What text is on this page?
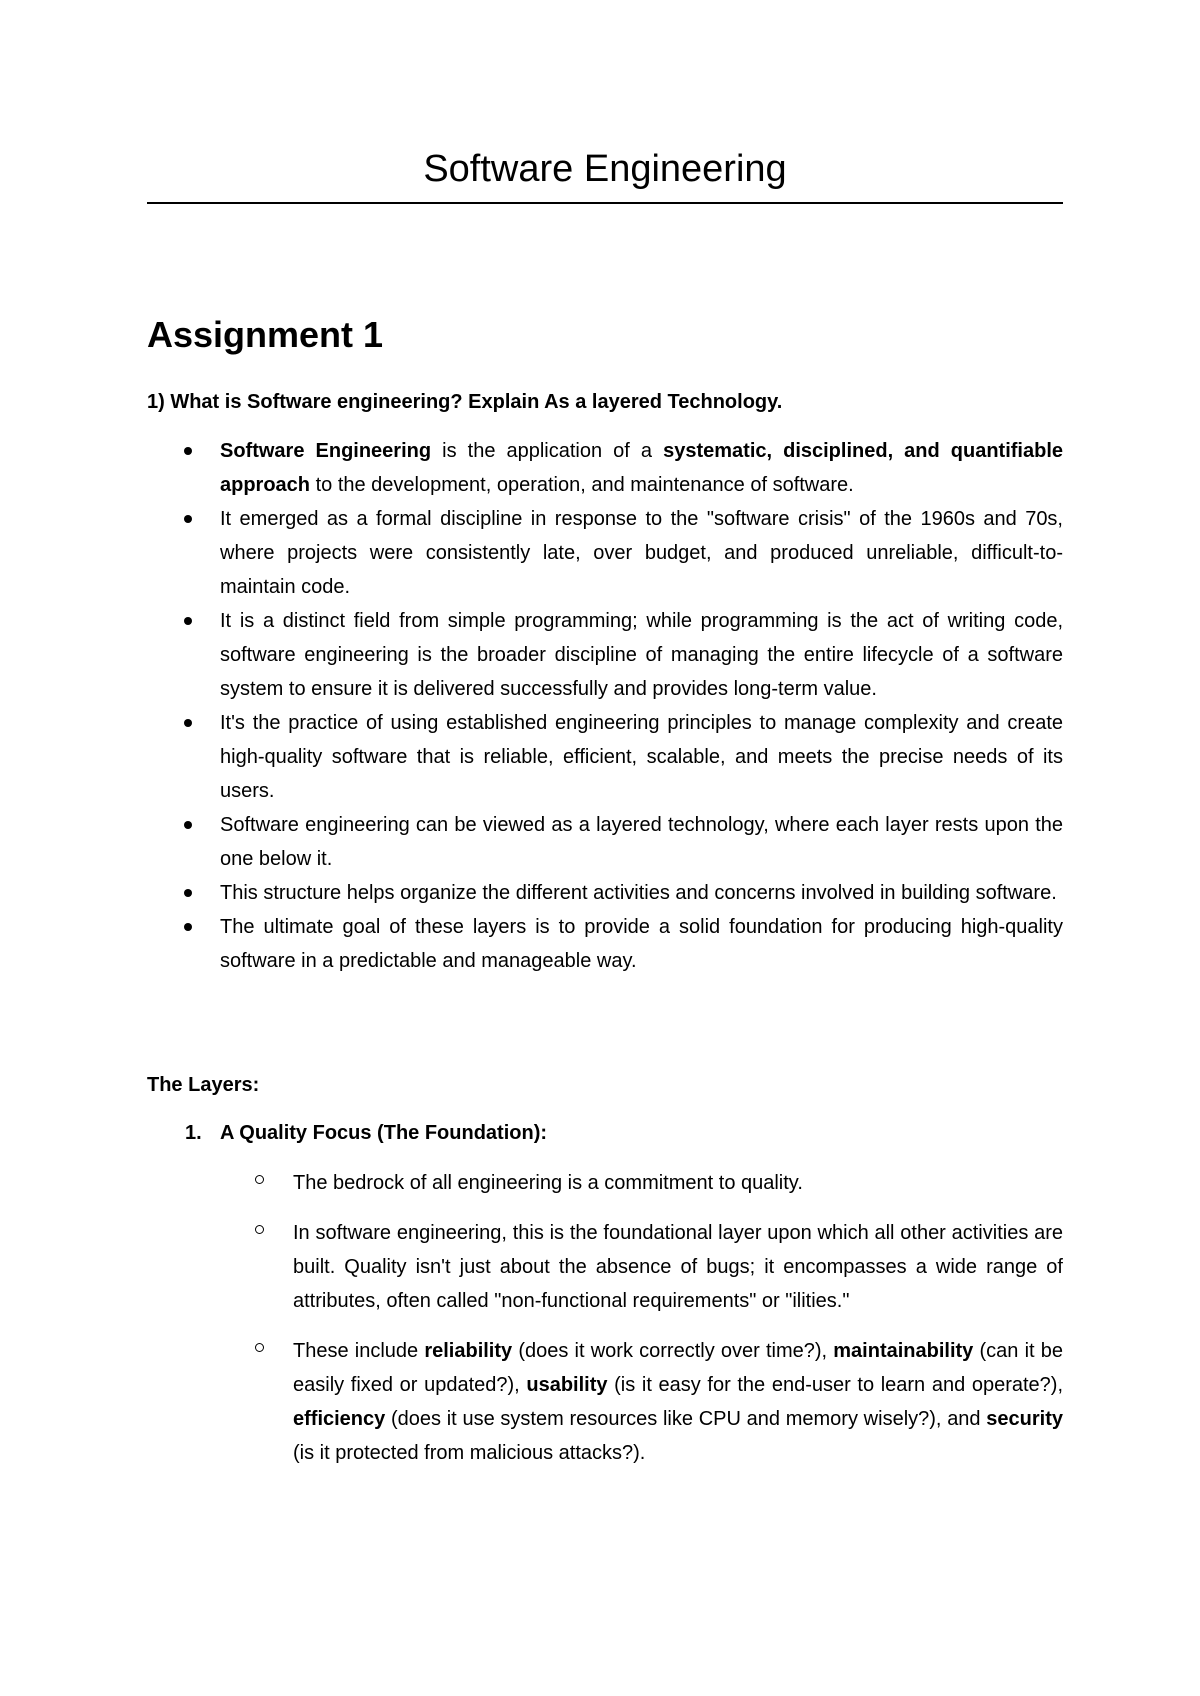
Software Engineering
Assignment 1

1) What is Software engineering? Explain As a layered Technology.

Software Engineering is the application of a systematic, disciplined, and quantifiable approach to the development, operation, and maintenance of software.
It emerged as a formal discipline in response to the "software crisis" of the 1960s and 70s, where projects were consistently late, over budget, and produced unreliable, difficult-to-maintain code.
It is a distinct field from simple programming; while programming is the act of writing code, software engineering is the broader discipline of managing the entire lifecycle of a software system to ensure it is delivered successfully and provides long-term value.
It's the practice of using established engineering principles to manage complexity and create high-quality software that is reliable, efficient, scalable, and meets the precise needs of its users.
Software engineering can be viewed as a layered technology, where each layer rests upon the one below it.
This structure helps organize the different activities and concerns involved in building software.
The ultimate goal of these layers is to provide a solid foundation for producing high-quality software in a predictable and manageable way.

The Layers:

1. A Quality Focus (The Foundation):

The bedrock of all engineering is a commitment to quality.
In software engineering, this is the foundational layer upon which all other activities are built. Quality isn't just about the absence of bugs; it encompasses a wide range of attributes, often called "non-functional requirements" or "ilities."
These include reliability (does it work correctly over time?), maintainability (can it be easily fixed or updated?), usability (is it easy for the end-user to learn and operate?), efficiency (does it use system resources like CPU and memory wisely?), and security (is it protected from malicious attacks?).
